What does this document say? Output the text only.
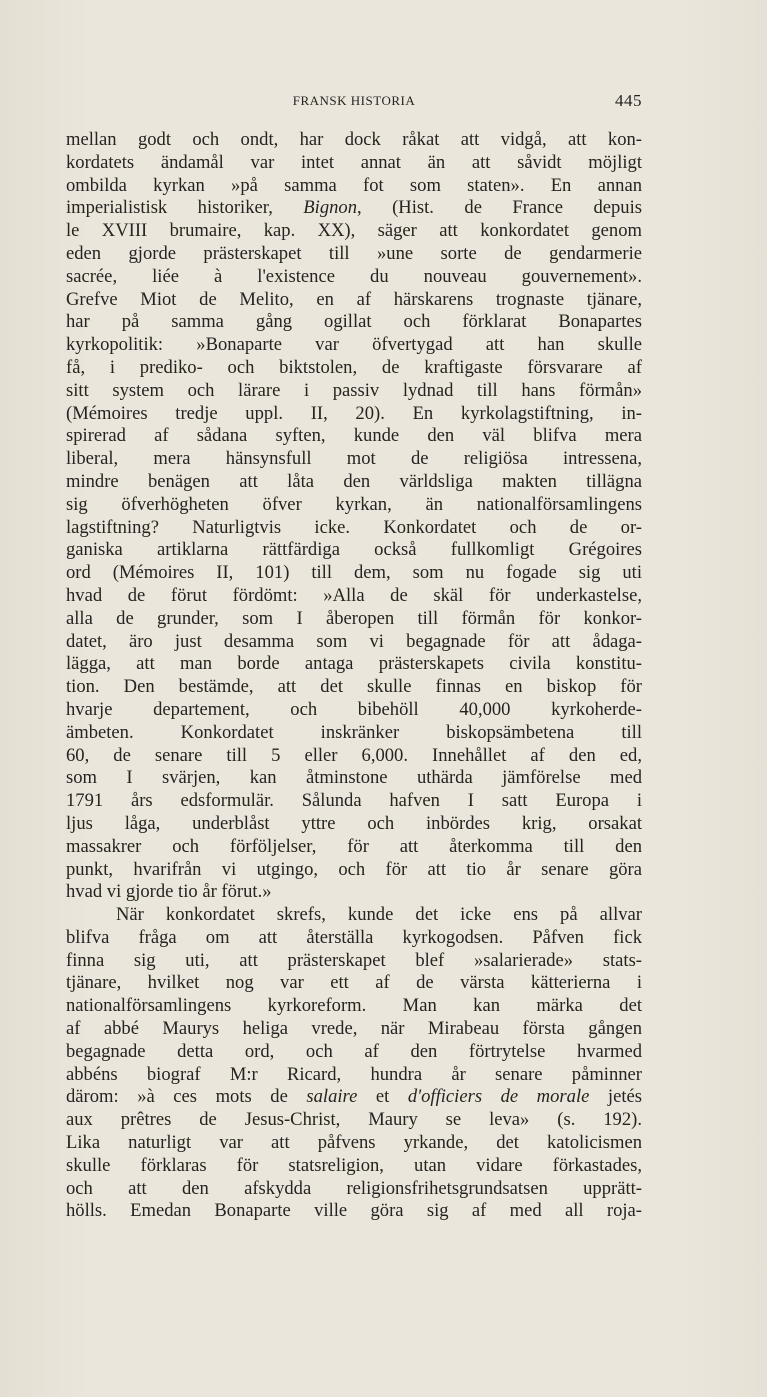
FRANSK HISTORIA	445
mellan godt och ondt, har dock råkat att vidgå, att kon-
kordatets ändamål var intet annat än att såvidt möjligt
ombilda kyrkan »på samma fot som staten». En annan
imperialistisk historiker, Bignon, (Hist. de France depuis
le XVIII brumaire, kap. XX), säger att konkordatet genom
eden gjorde prästerskapet till »une sorte de gendarmerie
sacrée, liée à l'existence du nouveau gouvernement».
Grefve Miot de Melito, en af härskarens trognaste tjänare,
har på samma gång ogillat och förklarat Bonapartes
kyrkopolitik: »Bonaparte var öfvertygad att han skulle
få, i prediko- och biktstolen, de kraftigaste försvarare af
sitt system och lärare i passiv lydnad till hans förmån»
(Mémoires tredje uppl. II, 20). En kyrkolagstiftning, in-
spirerad af sådana syften, kunde den väl blifva mera
liberal, mera hänsynsfull mot de religiösa intressena,
mindre benägen att låta den världsliga makten tillägna
sig öfverhögheten öfver kyrkan, än nationalförsamlingens
lagstiftning? Naturligtvis icke. Konkordatet och de or-
ganiska artiklarna rättfärdiga också fullkomligt Grégoires
ord (Mémoires II, 101) till dem, som nu fogade sig uti
hvad de förut fördömt: »Alla de skäl för underkastelse,
alla de grunder, som I åberopen till förmån för konkor-
datet, äro just desamma som vi begagnade för att ådaga-
lägga, att man borde antaga prästerskapets civila konstitu-
tion. Den bestämde, att det skulle finnas en biskop för
hvarje departement, och bibehöll 40,000 kyrkoherde-
ämbeten. Konkordatet inskränker biskopsämbetena till
60, de senare till 5 eller 6,000. Innehållet af den ed,
som I svärjen, kan åtminstone uthärda jämförelse med
1791 års edsformulär. Sålunda hafven I satt Europa i
ljus låga, underblåst yttre och inbördes krig, orsakat
massakrer och förföljelser, för att återkomma till den
punkt, hvarifrån vi utgingo, och för att tio år senare göra
hvad vi gjorde tio år förut.»
När konkordatet skrefs, kunde det icke ens på allvar
blifva fråga om att återställa kyrkogodsen. Påfven fick
finna sig uti, att prästerskapet blef »salarierade» stats-
tjänare, hvilket nog var ett af de värsta kätterierna i
nationalförsamlingens kyrkoreform. Man kan märka det
af abbé Maurys heliga vrede, när Mirabeau första gången
begagnade detta ord, och af den förtrytelse hvarmed
abbéns biograf M:r Ricard, hundra år senare påminner
därom: »à ces mots de salaire et d'officiers de morale jetés
aux prêtres de Jesus-Christ, Maury se leva» (s. 192).
Lika naturligt var att påfvens yrkande, det katolicismen
skulle förklaras för statsreligion, utan vidare förkastades,
och att den afskydda religionsfrihetsgrundsatsen upprätt-
hölls. Emedan Bonaparte ville göra sig af med all roja-
